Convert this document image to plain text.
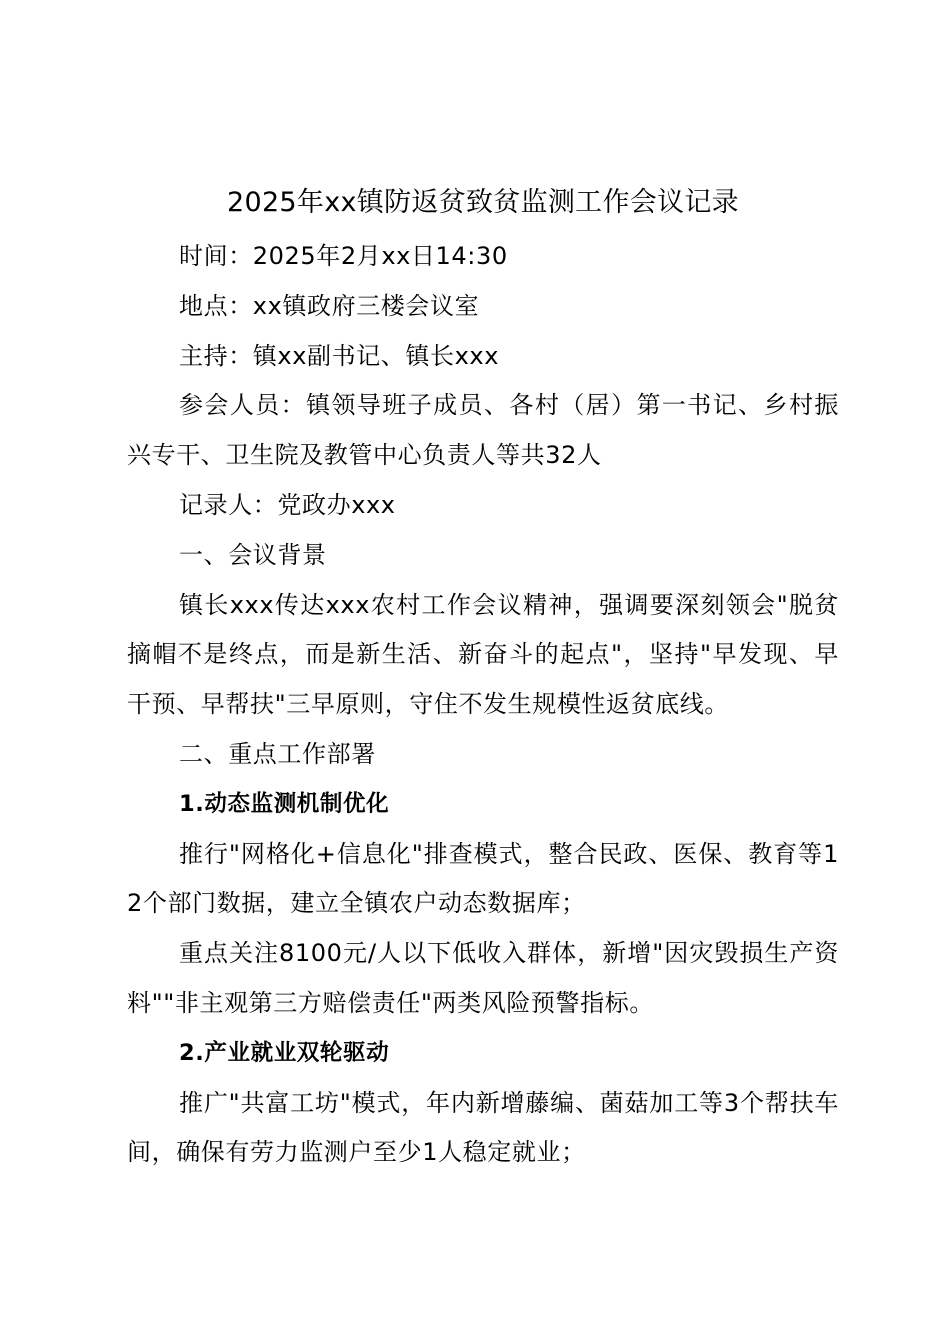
2025年xx镇防返贫致贫监测工作会议记录

时间：2025年2月xx日14:30

地点：xx镇政府三楼会议室

主持：镇xx副书记、镇长xxx

参会人员：镇领导班子成员、各村（居）第一书记、乡村振兴专干、卫生院及教管中心负责人等共32人

记录人：党政办xxx

一、会议背景

镇长xxx传达xxx农村工作会议精神，强调要深刻领会"脱贫摘帽不是终点，而是新生活、新奋斗的起点"，坚持"早发现、早干预、早帮扶"三早原则，守住不发生规模性返贫底线。

二、重点工作部署

1.动态监测机制优化

推行"网格化+信息化"排查模式，整合民政、医保、教育等12个部门数据，建立全镇农户动态数据库；

重点关注8100元/人以下低收入群体，新增"因灾毁损生产资料""非主观第三方赔偿责任"两类风险预警指标。

2.产业就业双轮驱动

推广"共富工坊"模式，年内新增藤编、菌菇加工等3个帮扶车间，确保有劳力监测户至少1人稳定就业；
